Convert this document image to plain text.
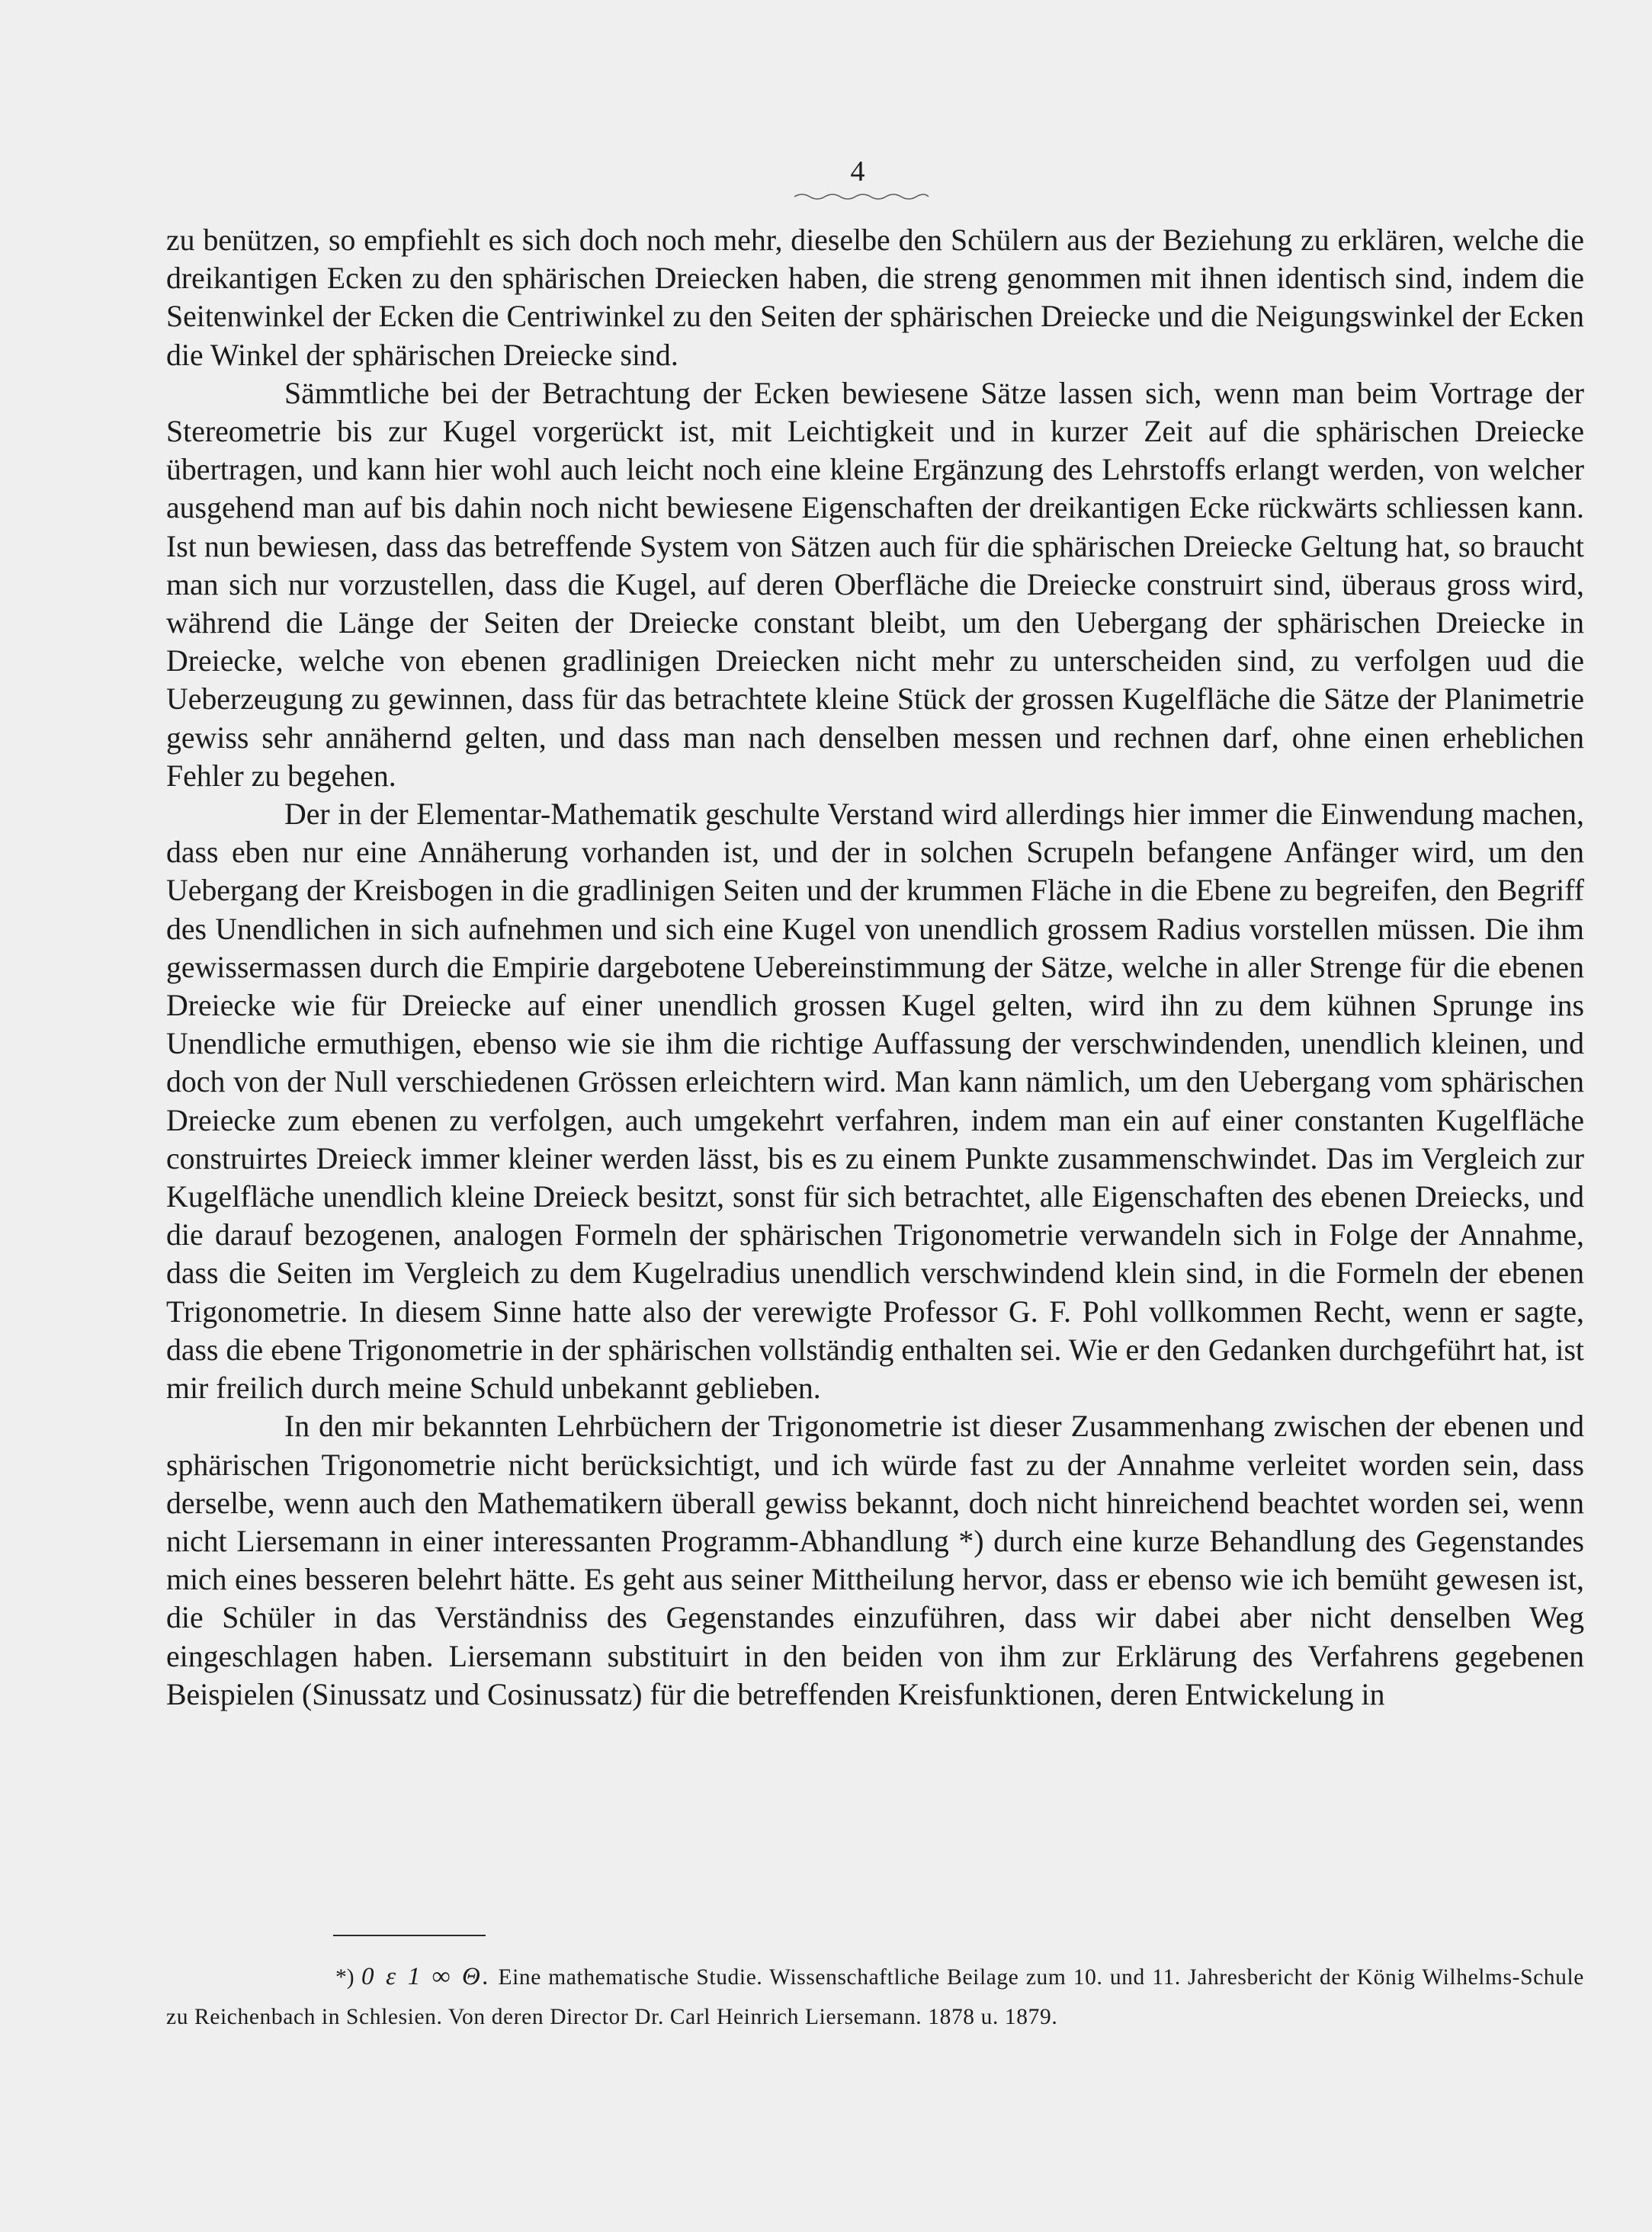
4

zu benützen, so empfiehlt es sich doch noch mehr, dieselbe den Schülern aus der Beziehung zu erklären, welche die dreikantigen Ecken zu den sphärischen Dreiecken haben, die streng genommen mit ihnen identisch sind, indem die Seitenwinkel der Ecken die Centriwinkel zu den Seiten der sphärischen Dreiecke und die Neigungswinkel der Ecken die Winkel der sphärischen Dreiecke sind.

Sämmtliche bei der Betrachtung der Ecken bewiesene Sätze lassen sich, wenn man beim Vortrage der Stereometrie bis zur Kugel vorgerückt ist, mit Leichtigkeit und in kurzer Zeit auf die sphärischen Dreiecke übertragen, und kann hier wohl auch leicht noch eine kleine Ergänzung des Lehrstoffs erlangt werden, von welcher ausgehend man auf bis dahin noch nicht bewiesene Eigenschaften der dreikantigen Ecke rückwärts schliessen kann. Ist nun bewiesen, dass das betreffende System von Sätzen auch für die sphärischen Dreiecke Geltung hat, so braucht man sich nur vorzustellen, dass die Kugel, auf deren Oberfläche die Dreiecke construirt sind, überaus gross wird, während die Länge der Seiten der Dreiecke constant bleibt, um den Uebergang der sphärischen Dreiecke in Dreiecke, welche von ebenen gradlinigen Dreiecken nicht mehr zu unterscheiden sind, zu verfolgen uud die Ueberzeugung zu gewinnen, dass für das betrachtete kleine Stück der grossen Kugelfläche die Sätze der Planimetrie gewiss sehr annähernd gelten, und dass man nach denselben messen und rechnen darf, ohne einen erheblichen Fehler zu begehen.

Der in der Elementar-Mathematik geschulte Verstand wird allerdings hier immer die Einwendung machen, dass eben nur eine Annäherung vorhanden ist, und der in solchen Scrupeln befangene Anfänger wird, um den Uebergang der Kreisbogen in die gradlinigen Seiten und der krummen Fläche in die Ebene zu begreifen, den Begriff des Unendlichen in sich aufnehmen und sich eine Kugel von unendlich grossem Radius vorstellen müssen. Die ihm gewissermassen durch die Empirie dargebotene Uebereinstimmung der Sätze, welche in aller Strenge für die ebenen Dreiecke wie für Dreiecke auf einer unendlich grossen Kugel gelten, wird ihn zu dem kühnen Sprunge ins Unendliche ermuthigen, ebenso wie sie ihm die richtige Auffassung der verschwindenden, unendlich kleinen, und doch von der Null verschiedenen Grössen erleichtern wird. Man kann nämlich, um den Uebergang vom sphärischen Dreiecke zum ebenen zu verfolgen, auch umgekehrt verfahren, indem man ein auf einer constanten Kugelfläche construirtes Dreieck immer kleiner werden lässt, bis es zu einem Punkte zusammenschwindet. Das im Vergleich zur Kugelfläche unendlich kleine Dreieck besitzt, sonst für sich betrachtet, alle Eigenschaften des ebenen Dreiecks, und die darauf bezogenen, analogen Formeln der sphärischen Trigonometrie verwandeln sich in Folge der Annahme, dass die Seiten im Vergleich zu dem Kugelradius unendlich verschwindend klein sind, in die Formeln der ebenen Trigonometrie. In diesem Sinne hatte also der verewigte Professor G. F. Pohl vollkommen Recht, wenn er sagte, dass die ebene Trigonometrie in der sphärischen vollständig enthalten sei. Wie er den Gedanken durchgeführt hat, ist mir freilich durch meine Schuld unbekannt geblieben.

In den mir bekannten Lehrbüchern der Trigonometrie ist dieser Zusammenhang zwischen der ebenen und sphärischen Trigonometrie nicht berücksichtigt, und ich würde fast zu der Annahme verleitet worden sein, dass derselbe, wenn auch den Mathematikern überall gewiss bekannt, doch nicht hinreichend beachtet worden sei, wenn nicht Liersemann in einer interessanten Programm-Abhandlung *) durch eine kurze Behandlung des Gegenstandes mich eines besseren belehrt hätte. Es geht aus seiner Mittheilung hervor, dass er ebenso wie ich bemüht gewesen ist, die Schüler in das Verständniss des Gegenstandes einzuführen, dass wir dabei aber nicht denselben Weg eingeschlagen haben. Liersemann substituirt in den beiden von ihm zur Erklärung des Verfahrens gegebenen Beispielen (Sinussatz und Cosinussatz) für die betreffenden Kreisfunktionen, deren Entwickelung in

*) 0 ε 1 ∞ Θ. Eine mathematische Studie. Wissenschaftliche Beilage zum 10. und 11. Jahresbericht der König Wilhelms-Schule zu Reichenbach in Schlesien. Von deren Director Dr. Carl Heinrich Liersemann. 1878 u. 1879.
